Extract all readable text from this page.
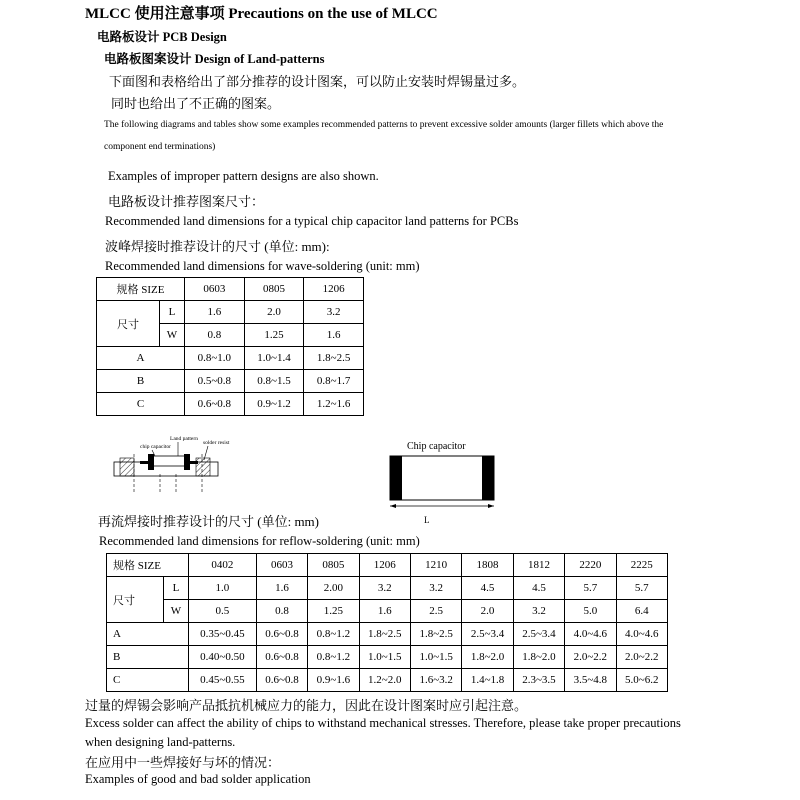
MLCC 使用注意事项 Precautions on the use of MLCC
电路板设计 PCB Design
电路板图案设计 Design of Land-patterns
下面图和表格给出了部分推荐的设计图案，可以防止安装时焊锡量过多。
同时也给出了不正确的图案。
The following diagrams and tables show some examples recommended patterns to prevent excessive solder amounts (larger fillets which above the
component end terminations)
Examples of improper pattern designs are also shown.
电路板设计推荐图案尺寸：
Recommended land dimensions for a typical chip capacitor land patterns for PCBs
波峰焊接时推荐设计的尺寸 (单位: mm):
Recommended land dimensions for wave-soldering (unit: mm)
规格 SIZE		0603	0805	1206
尺寸	L	1.6	2.0	3.2
	W	0.8	1.25	1.6
A		0.8~1.0	1.0~1.4	1.8~2.5
B		0.5~0.8	0.8~1.5	0.8~1.7
C		0.6~0.8	0.9~1.2	1.2~1.6
chip capacitor
Land pattern
solder resist	Chip capacitor
W
L
再流焊接时推荐设计的尺寸 (单位: mm)
Recommended land dimensions for reflow-soldering (unit: mm)
规格 SIZE		0402	0603	0805	1206	1210	1808	1812	2220	2225
尺寸	L	1.0	1.6	2.00	3.2	3.2	4.5	4.5	5.7	5.7
	W	0.5	0.8	1.25	1.6	2.5	2.0	3.2	5.0	6.4
A		0.35~0.45	0.6~0.8	0.8~1.2	1.8~2.5	1.8~2.5	2.5~3.4	2.5~3.4	4.0~4.6	4.0~4.6
B		0.40~0.50	0.6~0.8	0.8~1.2	1.0~1.5	1.0~1.5	1.8~2.0	1.8~2.0	2.0~2.2	2.0~2.2
C		0.45~0.55	0.6~0.8	0.9~1.6	1.2~2.0	1.6~3.2	1.4~1.8	2.3~3.5	3.5~4.8	5.0~6.2
过量的焊锡会影响产品抵抗机械应力的能力，因此在设计图案时应引起注意。
Excess solder can affect the ability of chips to withstand mechanical stresses. Therefore, please take proper precautions
when designing land-patterns.
在应用中一些焊接好与坏的情况：
Examples of good and bad solder application
